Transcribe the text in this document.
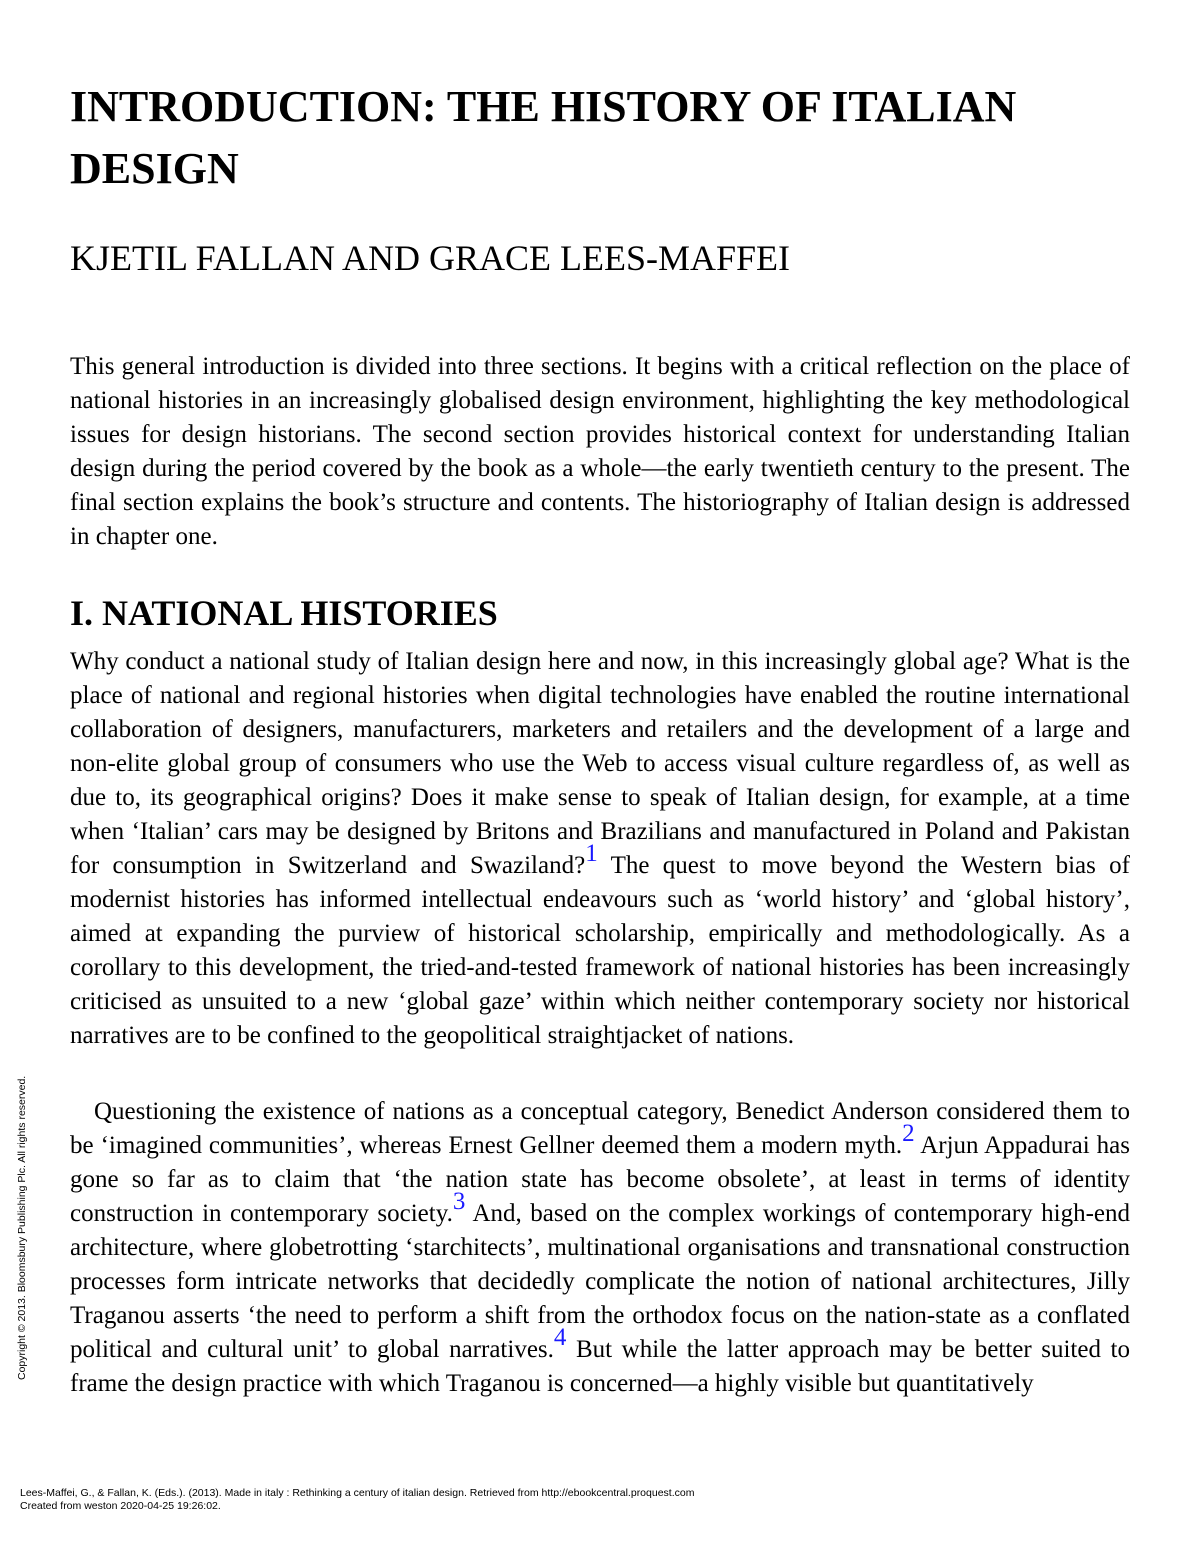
INTRODUCTION: THE HISTORY OF ITALIAN DESIGN
KJETIL FALLAN AND GRACE LEES-MAFFEI

This general introduction is divided into three sections. It begins with a critical reflection on the place of national histories in an increasingly globalised design environment, highlighting the key methodological issues for design historians. The second section provides historical context for understanding Italian design during the period covered by the book as a whole—the early twentieth century to the present. The final section explains the book’s structure and contents. The historiography of Italian design is addressed in chapter one.

I. NATIONAL HISTORIES

Why conduct a national study of Italian design here and now, in this increasingly global age? What is the place of national and regional histories when digital technologies have enabled the routine international collaboration of designers, manufacturers, marketers and retailers and the development of a large and non-elite global group of consumers who use the Web to access visual culture regardless of, as well as due to, its geographical origins? Does it make sense to speak of Italian design, for example, at a time when ‘Italian’ cars may be designed by Britons and Brazilians and manufactured in Poland and Pakistan for consumption in Switzerland and Swaziland?$^1$ The quest to move beyond the Western bias of modernist histories has informed intellectual endeavours such as ‘world history’ and ‘global history’, aimed at expanding the purview of historical scholarship, empirically and methodologically. As a corollary to this development, the tried-and-tested framework of national histories has been increasingly criticised as unsuited to a new ‘global gaze’ within which neither contemporary society nor historical narratives are to be confined to the geopolitical straightjacket of nations.

Questioning the existence of nations as a conceptual category, Benedict Anderson considered them to be ‘imagined communities’, whereas Ernest Gellner deemed them a modern myth.$^2$ Arjun Appadurai has gone so far as to claim that ‘the nation state has become obsolete’, at least in terms of identity construction in contemporary society.$^3$ And, based on the complex workings of contemporary high-end architecture, where globetrotting ‘starchitects’, multinational organisations and transnational construction processes form intricate networks that decidedly complicate the notion of national architectures, Jilly Traganou asserts ‘the need to perform a shift from the orthodox focus on the nation-state as a conflated political and cultural unit’ to global narratives.$^4$ But while the latter approach may be better suited to frame the design practice with which Traganou is concerned—a highly visible but quantitatively

Copyright © 2013. Bloomsbury Publishing Plc. All rights reserved.
Lees-Maffei, G., & Fallan, K. (Eds.). (2013). Made in italy : Rethinking a century of italian design. Retrieved from http://ebookcentral.proquest.com
Created from weston 2020-04-25 19:26:02.
